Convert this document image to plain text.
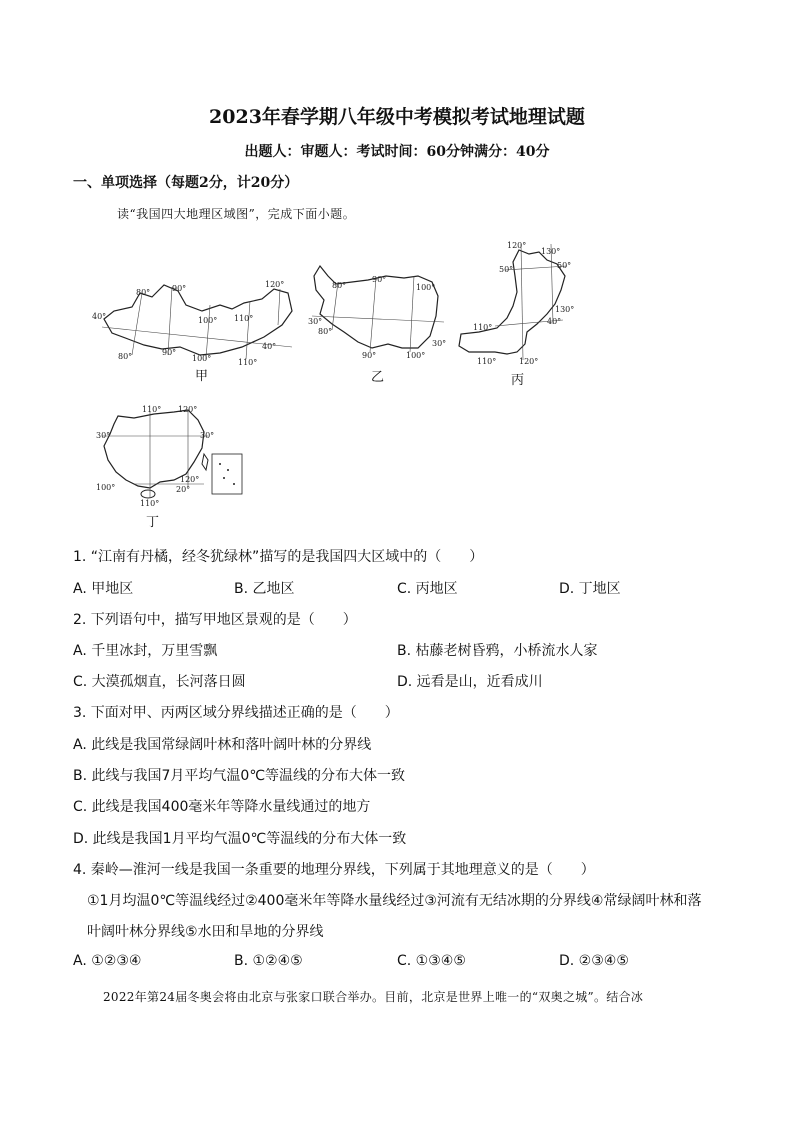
2023年春学期八年级中考模拟考试地理试题
出题人：审题人：考试时间：60分钟满分：40分
一、单项选择（每题2分，计20分）
读“我国四大地理区域图”，完成下面小题。
120°
90°
80°
40°	100° 110°
80°	90°
100°
40°
110°
甲
80°
90°
100°
30°
80°
90°	100°
30°
乙
120°
130°
50°	50°
40°
130°
110°
110°	120°
丙
110° 120°
30°	30°
120°
20°
100°
110°
丁
1. “江南有丹橘，经冬犹绿林”描写的是我国四大区域中的（　　）
A. 甲地区	B. 乙地区	C. 丙地区	D. 丁地区
2. 下列语句中，描写甲地区景观的是（　　）
A. 千里冰封，万里雪飘	B. 枯藤老树昏鸦，小桥流水人家
C. 大漠孤烟直，长河落日圆	D. 远看是山，近看成川
3. 下面对甲、丙两区域分界线描述正确的是（　　）
A. 此线是我国常绿阔叶林和落叶阔叶林的分界线
B. 此线与我国7月平均气温0℃等温线的分布大体一致
C. 此线是我国400毫米年等降水量线通过的地方
D. 此线是我国1月平均气温0℃等温线的分布大体一致
4. 秦岭—淮河一线是我国一条重要的地理分界线，下列属于其地理意义的是（　　）
①1月均温0℃等温线经过②400毫米年等降水量线经过③河流有无结冰期的分界线④常绿阔叶林和落
叶阔叶林分界线⑤水田和旱地的分界线
A. ①②③④	B. ①②④⑤	C. ①③④⑤	D. ②③④⑤
2022年第24届冬奥会将由北京与张家口联合举办。目前，北京是世界上唯一的“双奥之城”。结合冰
